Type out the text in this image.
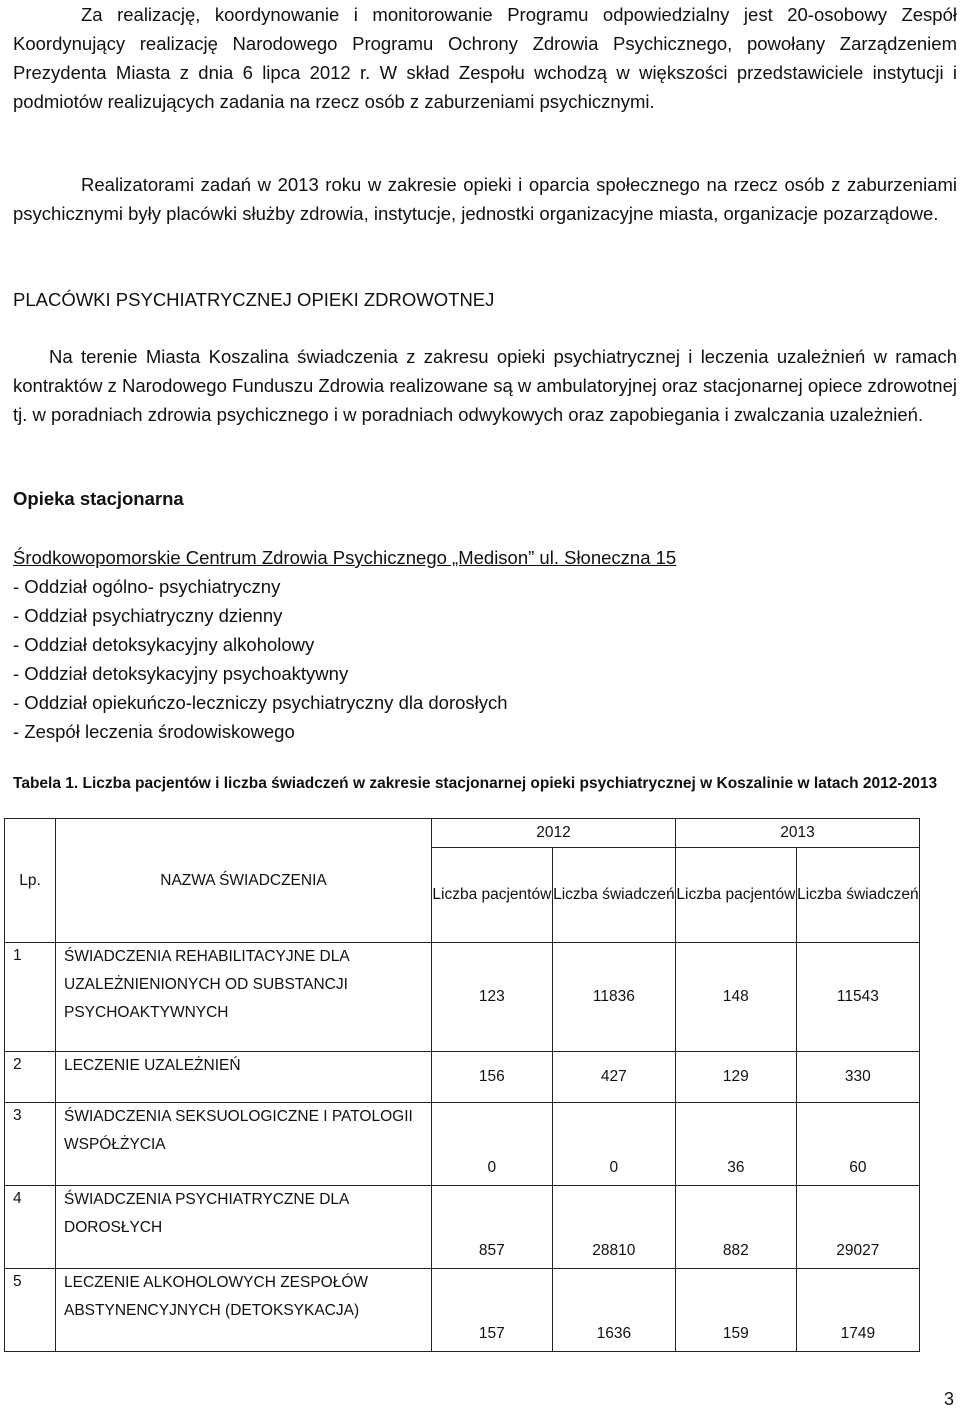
Za realizację, koordynowanie i monitorowanie Programu odpowiedzialny jest 20-osobowy Zespół Koordynujący realizację Narodowego Programu Ochrony Zdrowia Psychicznego, powołany Zarządzeniem Prezydenta Miasta z dnia 6 lipca 2012 r. W skład Zespołu wchodzą w większości przedstawiciele instytucji i podmiotów realizujących zadania na rzecz osób z zaburzeniami psychicznymi.
Realizatorami zadań w 2013 roku w zakresie opieki i oparcia społecznego na rzecz osób z zaburzeniami psychicznymi były placówki służby zdrowia, instytucje, jednostki organizacyjne miasta, organizacje pozarządowe.
PLACÓWKI PSYCHIATRYCZNEJ OPIEKI ZDROWOTNEJ
Na terenie Miasta Koszalina świadczenia z zakresu opieki psychiatrycznej i leczenia uzależnień w ramach kontraktów z Narodowego Funduszu Zdrowia realizowane są w ambulatoryjnej oraz stacjonarnej opiece zdrowotnej tj. w poradniach zdrowia psychicznego i w poradniach odwykowych oraz zapobiegania i zwalczania uzależnień.
Opieka stacjonarna
Środkowopomorskie Centrum Zdrowia Psychicznego „Medison” ul. Słoneczna 15
- Oddział ogólno- psychiatryczny
- Oddział psychiatryczny dzienny
- Oddział detoksykacyjny alkoholowy
- Oddział detoksykacyjny psychoaktywny
- Oddział opiekuńczo-leczniczy psychiatryczny dla dorosłych
- Zespół leczenia środowiskowego
Tabela 1. Liczba pacjentów i liczba świadczeń w zakresie stacjonarnej opieki psychiatrycznej w Koszalinie w latach 2012-2013
Lp.	NAZWA ŚWIADCZENIA	2012		2013	
		Liczba pacjentów	Liczba świadczeń	Liczba pacjentów	Liczba świadczeń
1	ŚWIADCZENIA REHABILITACYJNE DLA UZALEŻNIENIONYCH OD SUBSTANCJI PSYCHOAKTYWNYCH	123	11836	148	11543
2	LECZENIE UZALEŻNIEŃ	156	427	129	330
3	ŚWIADCZENIA SEKSUOLOGICZNE I PATOLOGII WSPÓŁŻYCIA	0	0	36	60
4	ŚWIADCZENIA PSYCHIATRYCZNE DLA DOROSŁYCH	857	28810	882	29027
5	LECZENIE ALKOHOLOWYCH ZESPOŁÓW ABSTYNENCYJNYCH (DETOKSYKACJA)	157	1636	159	1749
3
